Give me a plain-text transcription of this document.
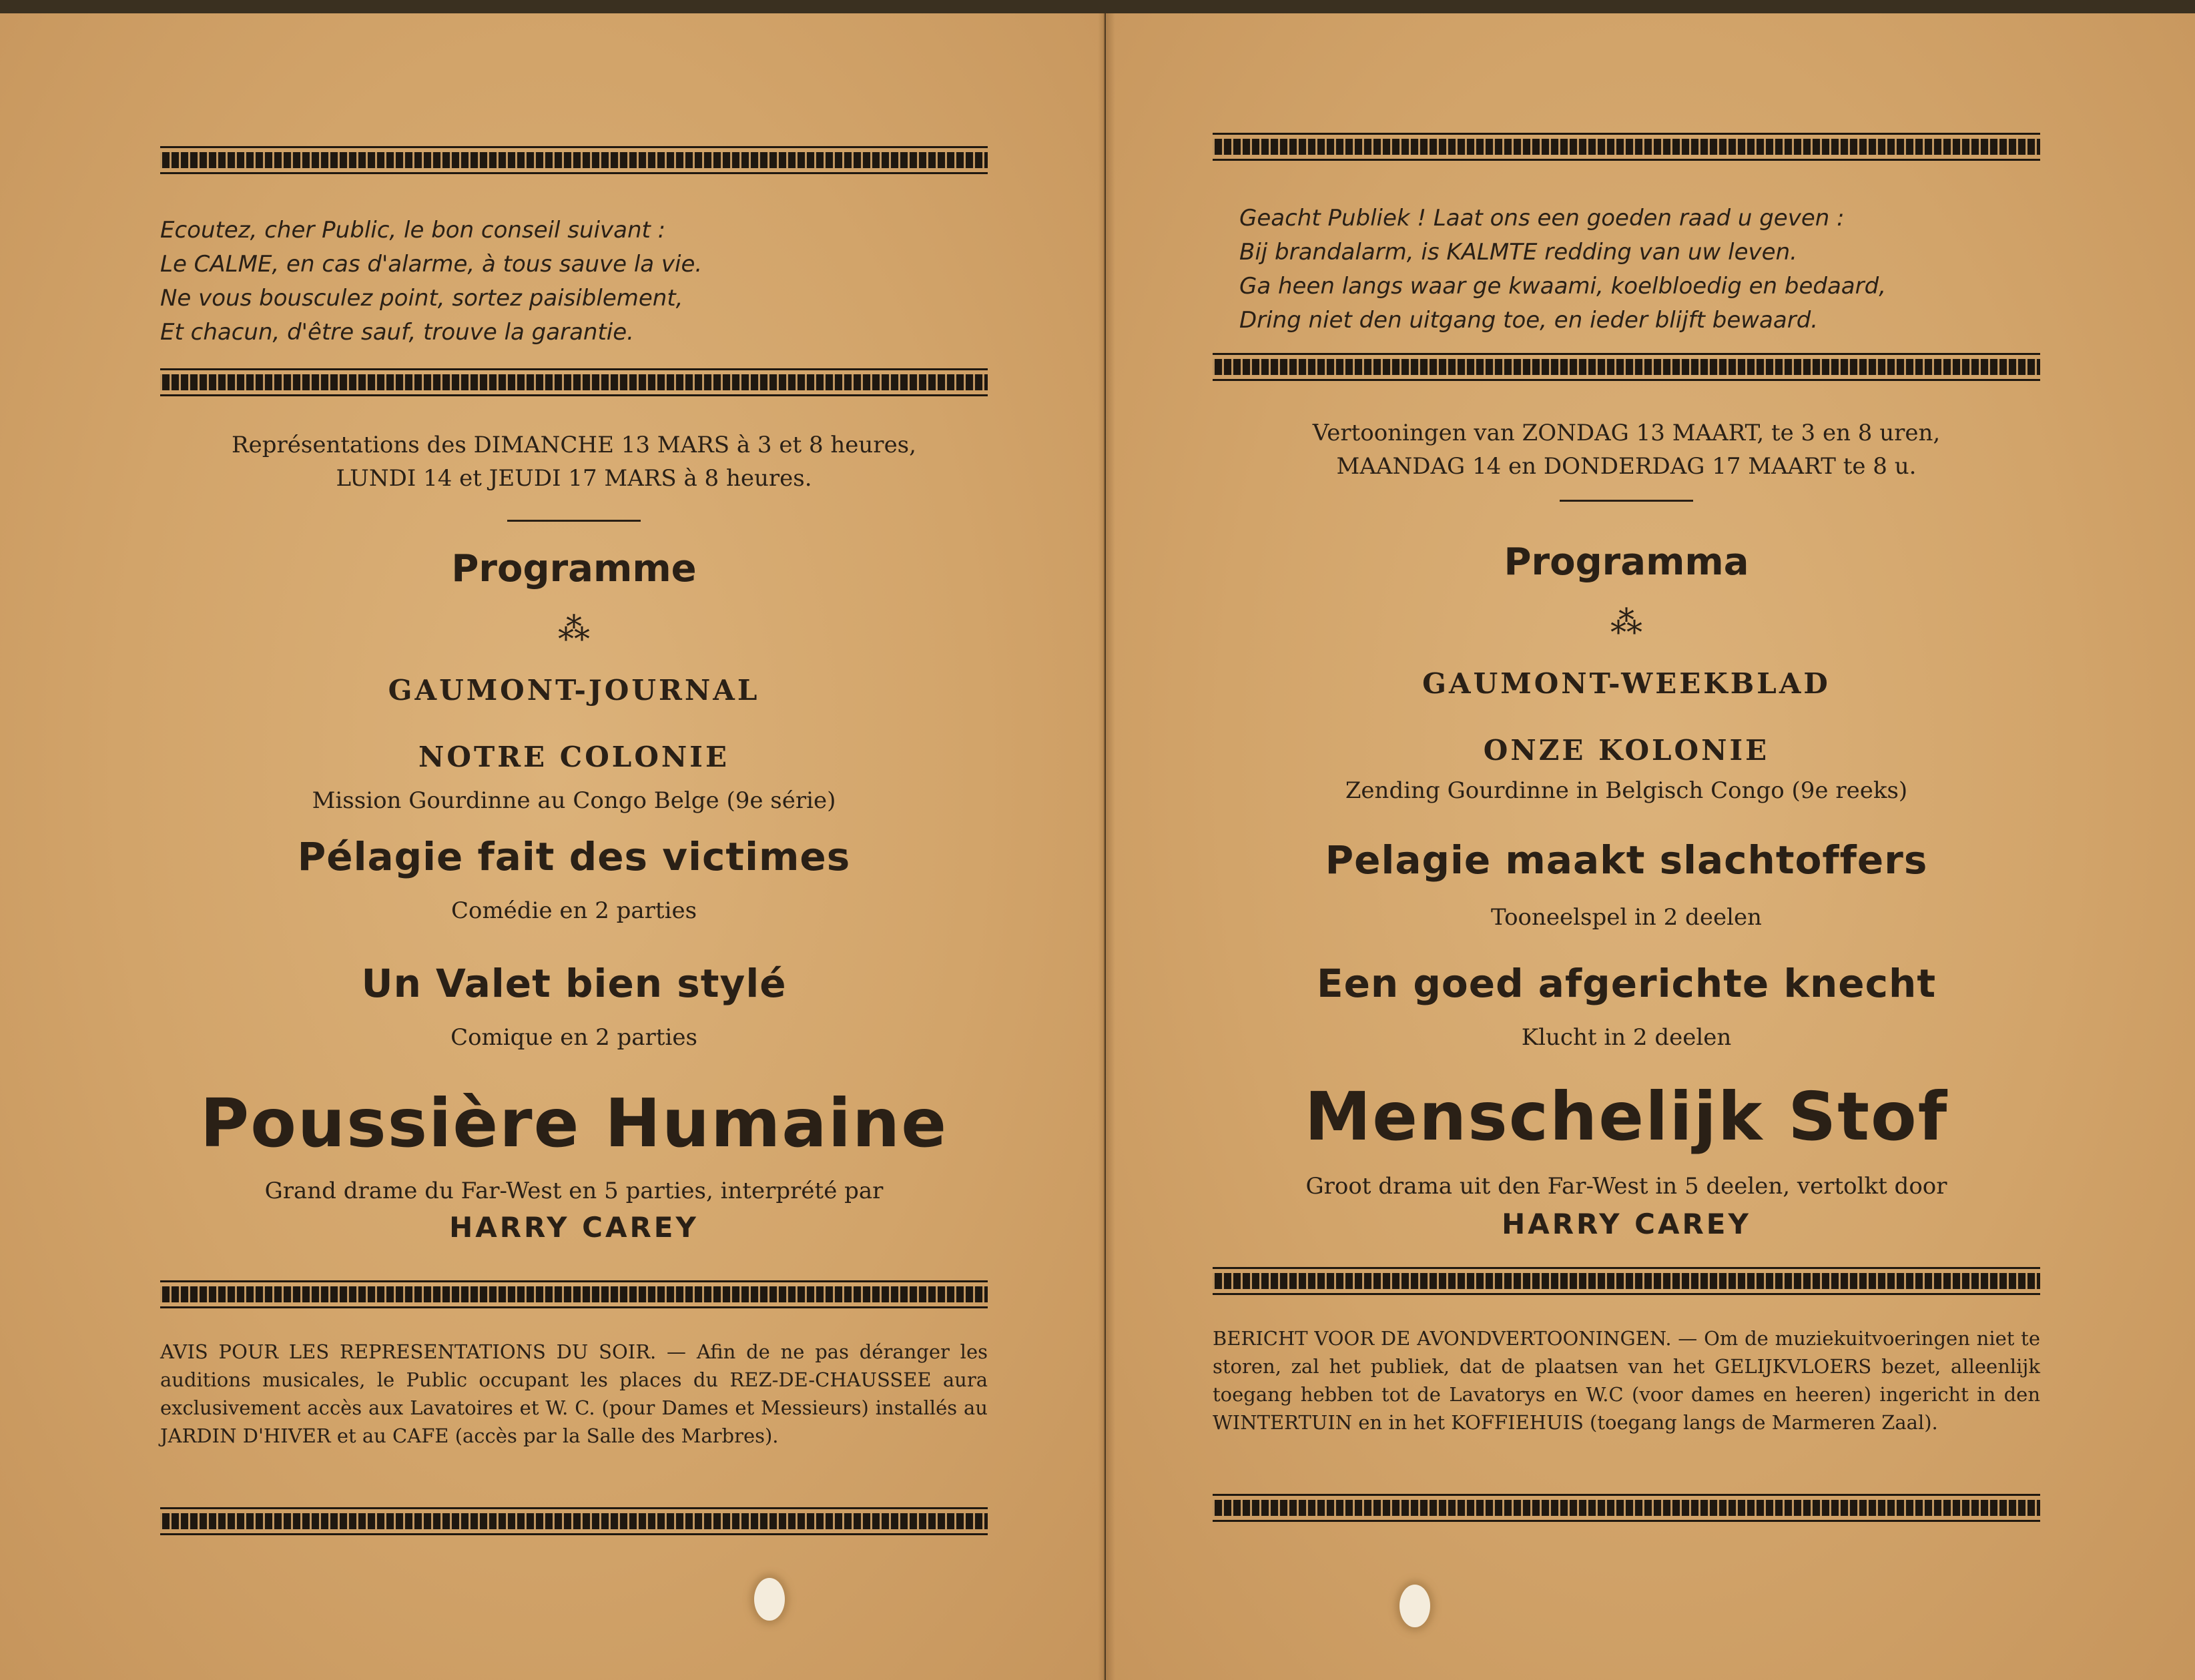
Ecoutez, cher Public, le bon conseil suivant :
Le CALME, en cas d'alarme, à tous sauve la vie.
Ne vous bousculez point, sortez paisiblement,
Et chacun, d'être sauf, trouve la garantie.
Représentations des DIMANCHE 13 MARS à 3 et 8 heures,
LUNDI 14 et JEUDI 17 MARS à 8 heures.
Programme
⁂
GAUMONT-JOURNAL
NOTRE COLONIE
Mission Gourdinne au Congo Belge (9e série)
Pélagie fait des victimes
Comédie en 2 parties
Un Valet bien stylé
Comique en 2 parties
Poussière Humaine
Grand drame du Far-West en 5 parties, interprété par
HARRY CAREY
AVIS POUR LES REPRESENTATIONS DU SOIR. — Afin de ne pas déranger les auditions musicales, le Public occupant les places du REZ-DE-CHAUSSEE aura exclusivement accès aux Lavatoires et W. C. (pour Dames et Messieurs) installés au JARDIN D'HIVER et au CAFE (accès par la Salle des Marbres).
Geacht Publiek ! Laat ons een goeden raad u geven :
Bij brandalarm, is KALMTE redding van uw leven.
Ga heen langs waar ge kwaami, koelbloedig en bedaard,
Dring niet den uitgang toe, en ieder blijft bewaard.
Vertooningen van ZONDAG 13 MAART, te 3 en 8 uren,
MAANDAG 14 en DONDERDAG 17 MAART te 8 u.
Programma
⁂
GAUMONT-WEEKBLAD
ONZE KOLONIE
Zending Gourdinne in Belgisch Congo (9e reeks)
Pelagie maakt slachtoffers
Tooneelspel in 2 deelen
Een goed afgerichte knecht
Klucht in 2 deelen
Menschelijk Stof
Groot drama uit den Far-West in 5 deelen, vertolkt door
HARRY CAREY
BERICHT VOOR DE AVONDVERTOONINGEN. — Om de muziekuitvoeringen niet te storen, zal het publiek, dat de plaatsen van het GELIJKVLOERS bezet, alleenlijk toegang hebben tot de Lavatorys en W.C (voor dames en heeren) ingericht in den WINTERTUIN en in het KOFFIEHUIS (toegang langs de Marmeren Zaal).
